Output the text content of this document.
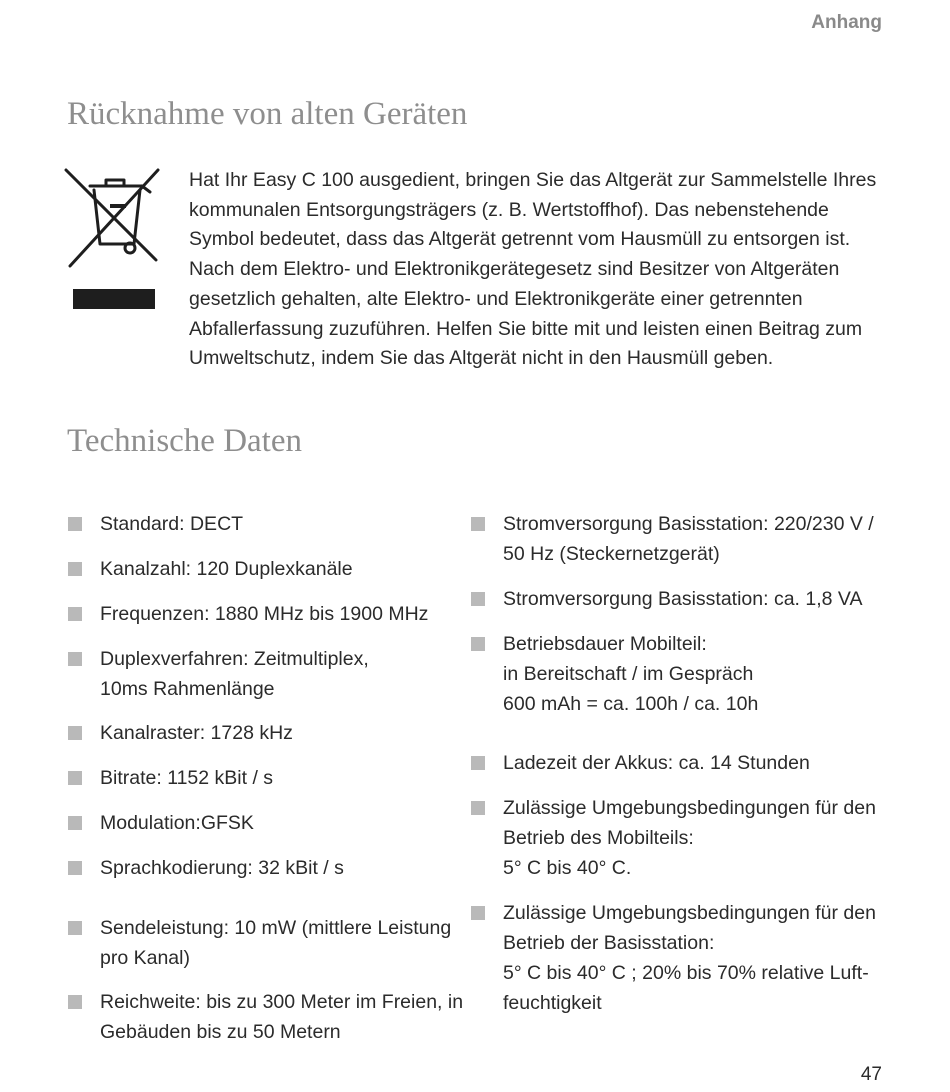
Anhang
Rücknahme von alten Geräten

Hat Ihr Easy C 100 ausgedient, bringen Sie das Altgerät zur Sammelstelle Ihres kommunalen Entsorgungsträgers (z. B. Wertstoffhof). Das nebenstehende Symbol bedeutet, dass das Altgerät getrennt vom Hausmüll zu entsorgen ist. Nach dem Elektro- und Elektronikgerätegesetz sind Besitzer von Altgeräten gesetzlich gehalten, alte Elektro- und Elektronikgeräte einer getrennten Abfallerfassung zuzuführen. Helfen Sie bitte mit und leisten einen Beitrag zum Umweltschutz, indem Sie das Altgerät nicht in den Hausmüll geben.

Technische Daten
Standard: DECT
Kanalzahl: 120 Duplexkanäle
Frequenzen: 1880 MHz bis 1900 MHz
Duplexverfahren: Zeitmultiplex,
10ms Rahmenlänge
Kanalraster: 1728 kHz
Bitrate: 1152 kBit / s
Modulation:GFSK
Sprachkodierung: 32 kBit / s
Sendeleistung: 10 mW (mittlere Leistung
pro Kanal)
Reichweite: bis zu 300 Meter im Freien, in
Gebäuden bis zu 50 Metern
Stromversorgung Basisstation: 220/230 V /
50 Hz (Steckernetzgerät)
Stromversorgung Basisstation: ca. 1,8 VA
Betriebsdauer Mobilteil:
in Bereitschaft / im Gespräch
600 mAh = ca. 100h / ca. 10h
Ladezeit der Akkus: ca. 14 Stunden
Zulässige Umgebungsbedingungen für den
Betrieb des Mobilteils:
5° C bis 40° C.
Zulässige Umgebungsbedingungen für den
Betrieb der Basisstation:
5° C bis 40° C ; 20% bis 70% relative Luft-
feuchtigkeit
47
